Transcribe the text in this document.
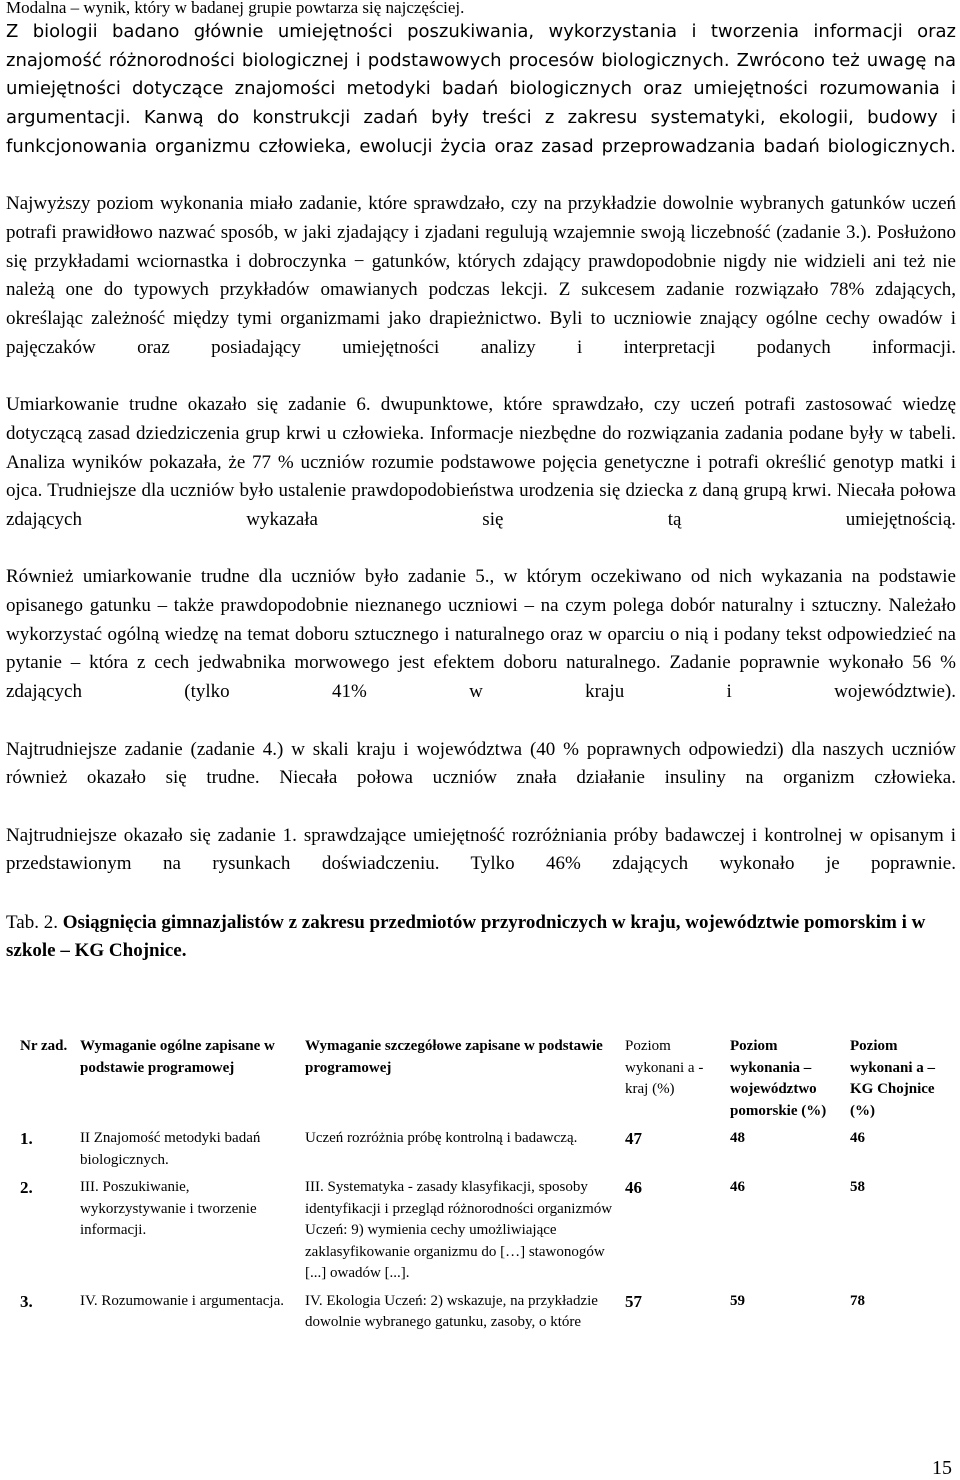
Modalna – wynik, który w badanej grupie powtarza się najczęściej.

Z biologii badano głównie umiejętności poszukiwania, wykorzystania i tworzenia informacji oraz znajomość różnorodności biologicznej i podstawowych procesów biologicznych. Zwrócono też uwagę na umiejętności dotyczące znajomości metodyki badań biologicznych oraz umiejętności rozumowania i argumentacji. Kanwą do konstrukcji zadań były treści z zakresu systematyki, ekologii, budowy i funkcjonowania organizmu człowieka, ewolucji życia oraz zasad przeprowadzania badań biologicznych.

Najwyższy poziom wykonania miało zadanie, które sprawdzało, czy na przykładzie dowolnie wybranych gatunków uczeń potrafi prawidłowo nazwać sposób, w jaki zjadający i zjadani regulują wzajemnie swoją liczebność (zadanie 3.). Posłużono się przykładami wciornastka i dobroczynka − gatunków, których zdający prawdopodobnie nigdy nie widzieli ani też nie należą one do typowych przykładów omawianych podczas lekcji. Z sukcesem zadanie rozwiązało 78% zdających, określając zależność między tymi organizmami jako drapieżnictwo. Byli to uczniowie znający ogólne cechy owadów i pajęczaków oraz posiadający umiejętności analizy i interpretacji podanych informacji.

Umiarkowanie trudne okazało się zadanie 6. dwupunktowe, które sprawdzało, czy uczeń potrafi zastosować wiedzę dotyczącą zasad dziedziczenia grup krwi u człowieka. Informacje niezbędne do rozwiązania zadania podane były w tabeli. Analiza wyników pokazała, że 77 % uczniów rozumie podstawowe pojęcia genetyczne i potrafi określić genotyp matki i ojca. Trudniejsze dla uczniów było ustalenie prawdopodobieństwa urodzenia się dziecka z daną grupą krwi. Niecała połowa zdających wykazała się tą umiejętnością.

Również umiarkowanie trudne dla uczniów było zadanie 5., w którym oczekiwano od nich wykazania na podstawie opisanego gatunku – także prawdopodobnie nieznanego uczniowi – na czym polega dobór naturalny i sztuczny. Należało wykorzystać ogólną wiedzę na temat doboru sztucznego i naturalnego oraz w oparciu o nią i podany tekst odpowiedzieć na pytanie – która z cech jedwabnika morwowego jest efektem doboru naturalnego. Zadanie poprawnie wykonało 56 % zdających (tylko 41% w kraju i województwie).

Najtrudniejsze zadanie (zadanie 4.) w skali kraju i województwa (40 % poprawnych odpowiedzi) dla naszych uczniów również okazało się trudne. Niecała połowa uczniów znała działanie insuliny na organizm człowieka.

Najtrudniejsze okazało się zadanie 1. sprawdzające umiejętność rozróżniania próby badawczej i kontrolnej w opisanym i przedstawionym na rysunkach doświadczeniu. Tylko 46% zdających wykonało je poprawnie.

Tab. 2. Osiągnięcia gimnazjalistów z zakresu przedmiotów przyrodniczych w kraju, województwie pomorskim i w szkole – KG Chojnice.

Nr zad.	Wymaganie ogólne zapisane w podstawie programowej	Wymaganie szczegółowe zapisane w podstawie programowej	Poziom wykonani a - kraj (%)	Poziom wykonania – województwo pomorskie (%)	Poziom wykonani a – KG Chojnice (%)
1.	II Znajomość metodyki badań biologicznych.	Uczeń rozróżnia próbę kontrolną i badawczą.	47	48	46
2.	III. Poszukiwanie, wykorzystywanie i tworzenie informacji.	III. Systematyka - zasady klasyfikacji, sposoby identyfikacji i przegląd różnorodności organizmów Uczeń: 9) wymienia cechy umożliwiające zaklasyfikowanie organizmu do […] stawonogów [...] owadów [...].	46	46	58
3.	IV. Rozumowanie i argumentacja.	IV. Ekologia Uczeń: 2) wskazuje, na przykładzie dowolnie wybranego gatunku, zasoby, o które	57	59	78
15
